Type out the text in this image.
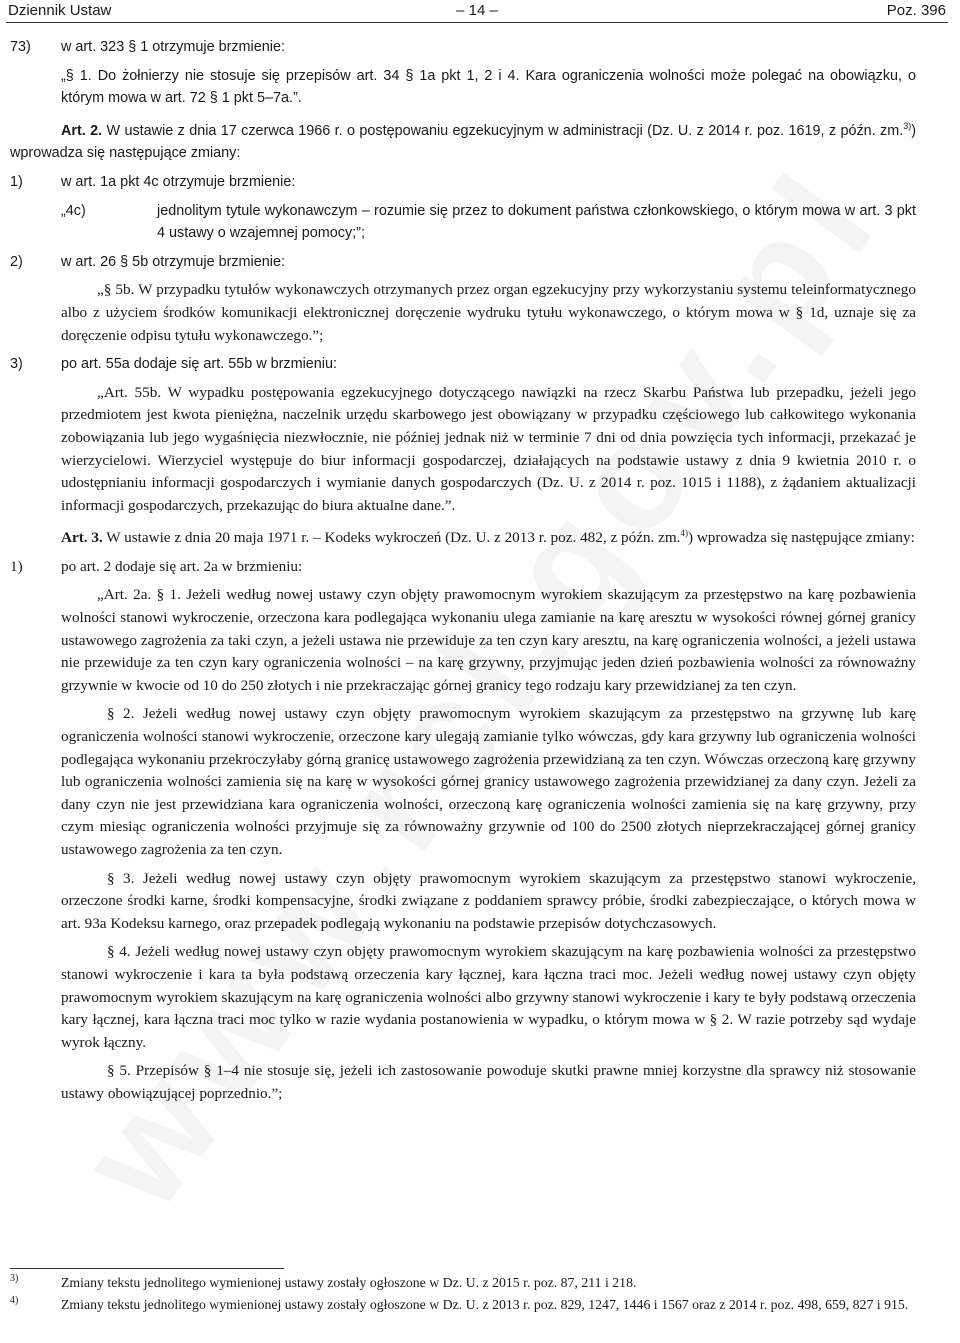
Dziennik Ustaw	– 14 –	Poz. 396

73) w art. 323 § 1 otrzymuje brzmienie:

„§ 1. Do żołnierzy nie stosuje się przepisów art. 34 § 1a pkt 1, 2 i 4. Kara ograniczenia wolności może polegać na obowiązku, o którym mowa w art. 72 § 1 pkt 5–7a.”.

Art. 2. W ustawie z dnia 17 czerwca 1966 r. o postępowaniu egzekucyjnym w administracji (Dz. U. z 2014 r. poz. 1619, z późn. zm.$^{3)}$) wprowadza się następujące zmiany:

1)	w art. 1a pkt 4c otrzymuje brzmienie:

„4c)	jednolitym tytule wykonawczym – rozumie się przez to dokument państwa członkowskiego, o którym mowa w art. 3 pkt 4 ustawy o wzajemnej pomocy;”;

2)	w art. 26 § 5b otrzymuje brzmienie:

„§ 5b. W przypadku tytułów wykonawczych otrzymanych przez organ egzekucyjny przy wykorzystaniu systemu teleinformatycznego albo z użyciem środków komunikacji elektronicznej doręczenie wydruku tytułu wykonawczego, o którym mowa w § 1d, uznaje się za doręczenie odpisu tytułu wykonawczego.”;

3)	po art. 55a dodaje się art. 55b w brzmieniu:

„Art. 55b. W wypadku postępowania egzekucyjnego dotyczącego nawiązki na rzecz Skarbu Państwa lub przepadku, jeżeli jego przedmiotem jest kwota pieniężna, naczelnik urzędu skarbowego jest obowiązany w przypadku częściowego lub całkowitego wykonania zobowiązania lub jego wygaśnięcia niezwłocznie, nie później jednak niż w terminie 7 dni od dnia powzięcia tych informacji, przekazać je wierzycielowi. Wierzyciel występuje do biur informacji gospodarczej, działających na podstawie ustawy z dnia 9 kwietnia 2010 r. o udostępnianiu informacji gospodarczych i wymianie danych gospodarczych (Dz. U. z 2014 r. poz. 1015 i 1188), z żądaniem aktualizacji informacji gospodarczych, przekazując do biura aktualne dane.”.

Art. 3. W ustawie z dnia 20 maja 1971 r. – Kodeks wykroczeń (Dz. U. z 2013 r. poz. 482, z późn. zm.$^{4)}$) wprowadza się następujące zmiany:

1)	po art. 2 dodaje się art. 2a w brzmieniu:

„Art. 2a. § 1. Jeżeli według nowej ustawy czyn objęty prawomocnym wyrokiem skazującym za przestępstwo na karę pozbawienia wolności stanowi wykroczenie, orzeczona kara podlegająca wykonaniu ulega zamianie na karę aresztu w wysokości równej górnej granicy ustawowego zagrożenia za taki czyn, a jeżeli ustawa nie przewiduje za ten czyn kary aresztu, na karę ograniczenia wolności, a jeżeli ustawa nie przewiduje za ten czyn kary ograniczenia wolności – na karę grzywny, przyjmując jeden dzień pozbawienia wolności za równoważny grzywnie w kwocie od 10 do 250 złotych i nie przekraczając górnej granicy tego rodzaju kary przewidzianej za ten czyn.

§ 2. Jeżeli według nowej ustawy czyn objęty prawomocnym wyrokiem skazującym za przestępstwo na grzywnę lub karę ograniczenia wolności stanowi wykroczenie, orzeczone kary ulegają zamianie tylko wówczas, gdy kara grzywny lub ograniczenia wolności podlegająca wykonaniu przekroczyłaby górną granicę ustawowego zagrożenia przewidzianą za ten czyn. Wówczas orzeczoną karę grzywny lub ograniczenia wolności zamienia się na karę w wysokości górnej granicy ustawowego zagrożenia przewidzianej za dany czyn. Jeżeli za dany czyn nie jest przewidziana kara ograniczenia wolności, orzeczoną karę ograniczenia wolności zamienia się na karę grzywny, przy czym miesiąc ograniczenia wolności przyjmuje się za równoważny grzywnie od 100 do 2500 złotych nieprzekraczającej górnej granicy ustawowego zagrożenia za ten czyn.

§ 3. Jeżeli według nowej ustawy czyn objęty prawomocnym wyrokiem skazującym za przestępstwo stanowi wykroczenie, orzeczone środki karne, środki kompensacyjne, środki związane z poddaniem sprawcy próbie, środki zabezpieczające, o których mowa w art. 93a Kodeksu karnego, oraz przepadek podlegają wykonaniu na podstawie przepisów dotychczasowych.

§ 4. Jeżeli według nowej ustawy czyn objęty prawomocnym wyrokiem skazującym na karę pozbawienia wolności za przestępstwo stanowi wykroczenie i kara ta była podstawą orzeczenia kary łącznej, kara łączna traci moc. Jeżeli według nowej ustawy czyn objęty prawomocnym wyrokiem skazującym na karę ograniczenia wolności albo grzywny stanowi wykroczenie i kary te były podstawą orzeczenia kary łącznej, kara łączna traci moc tylko w razie wydania postanowienia w wypadku, o którym mowa w § 2. W razie potrzeby sąd wydaje wyrok łączny.

§ 5. Przepisów § 1–4 nie stosuje się, jeżeli ich zastosowanie powoduje skutki prawne mniej korzystne dla sprawcy niż stosowanie ustawy obowiązującej poprzednio.”;

3)	Zmiany tekstu jednolitego wymienionej ustawy zostały ogłoszone w Dz. U. z 2015 r. poz. 87, 211 i 218.

4)	Zmiany tekstu jednolitego wymienionej ustawy zostały ogłoszone w Dz. U. z 2013 r. poz. 829, 1247, 1446 i 1567 oraz z 2014 r. poz. 498, 659, 827 i 915.
